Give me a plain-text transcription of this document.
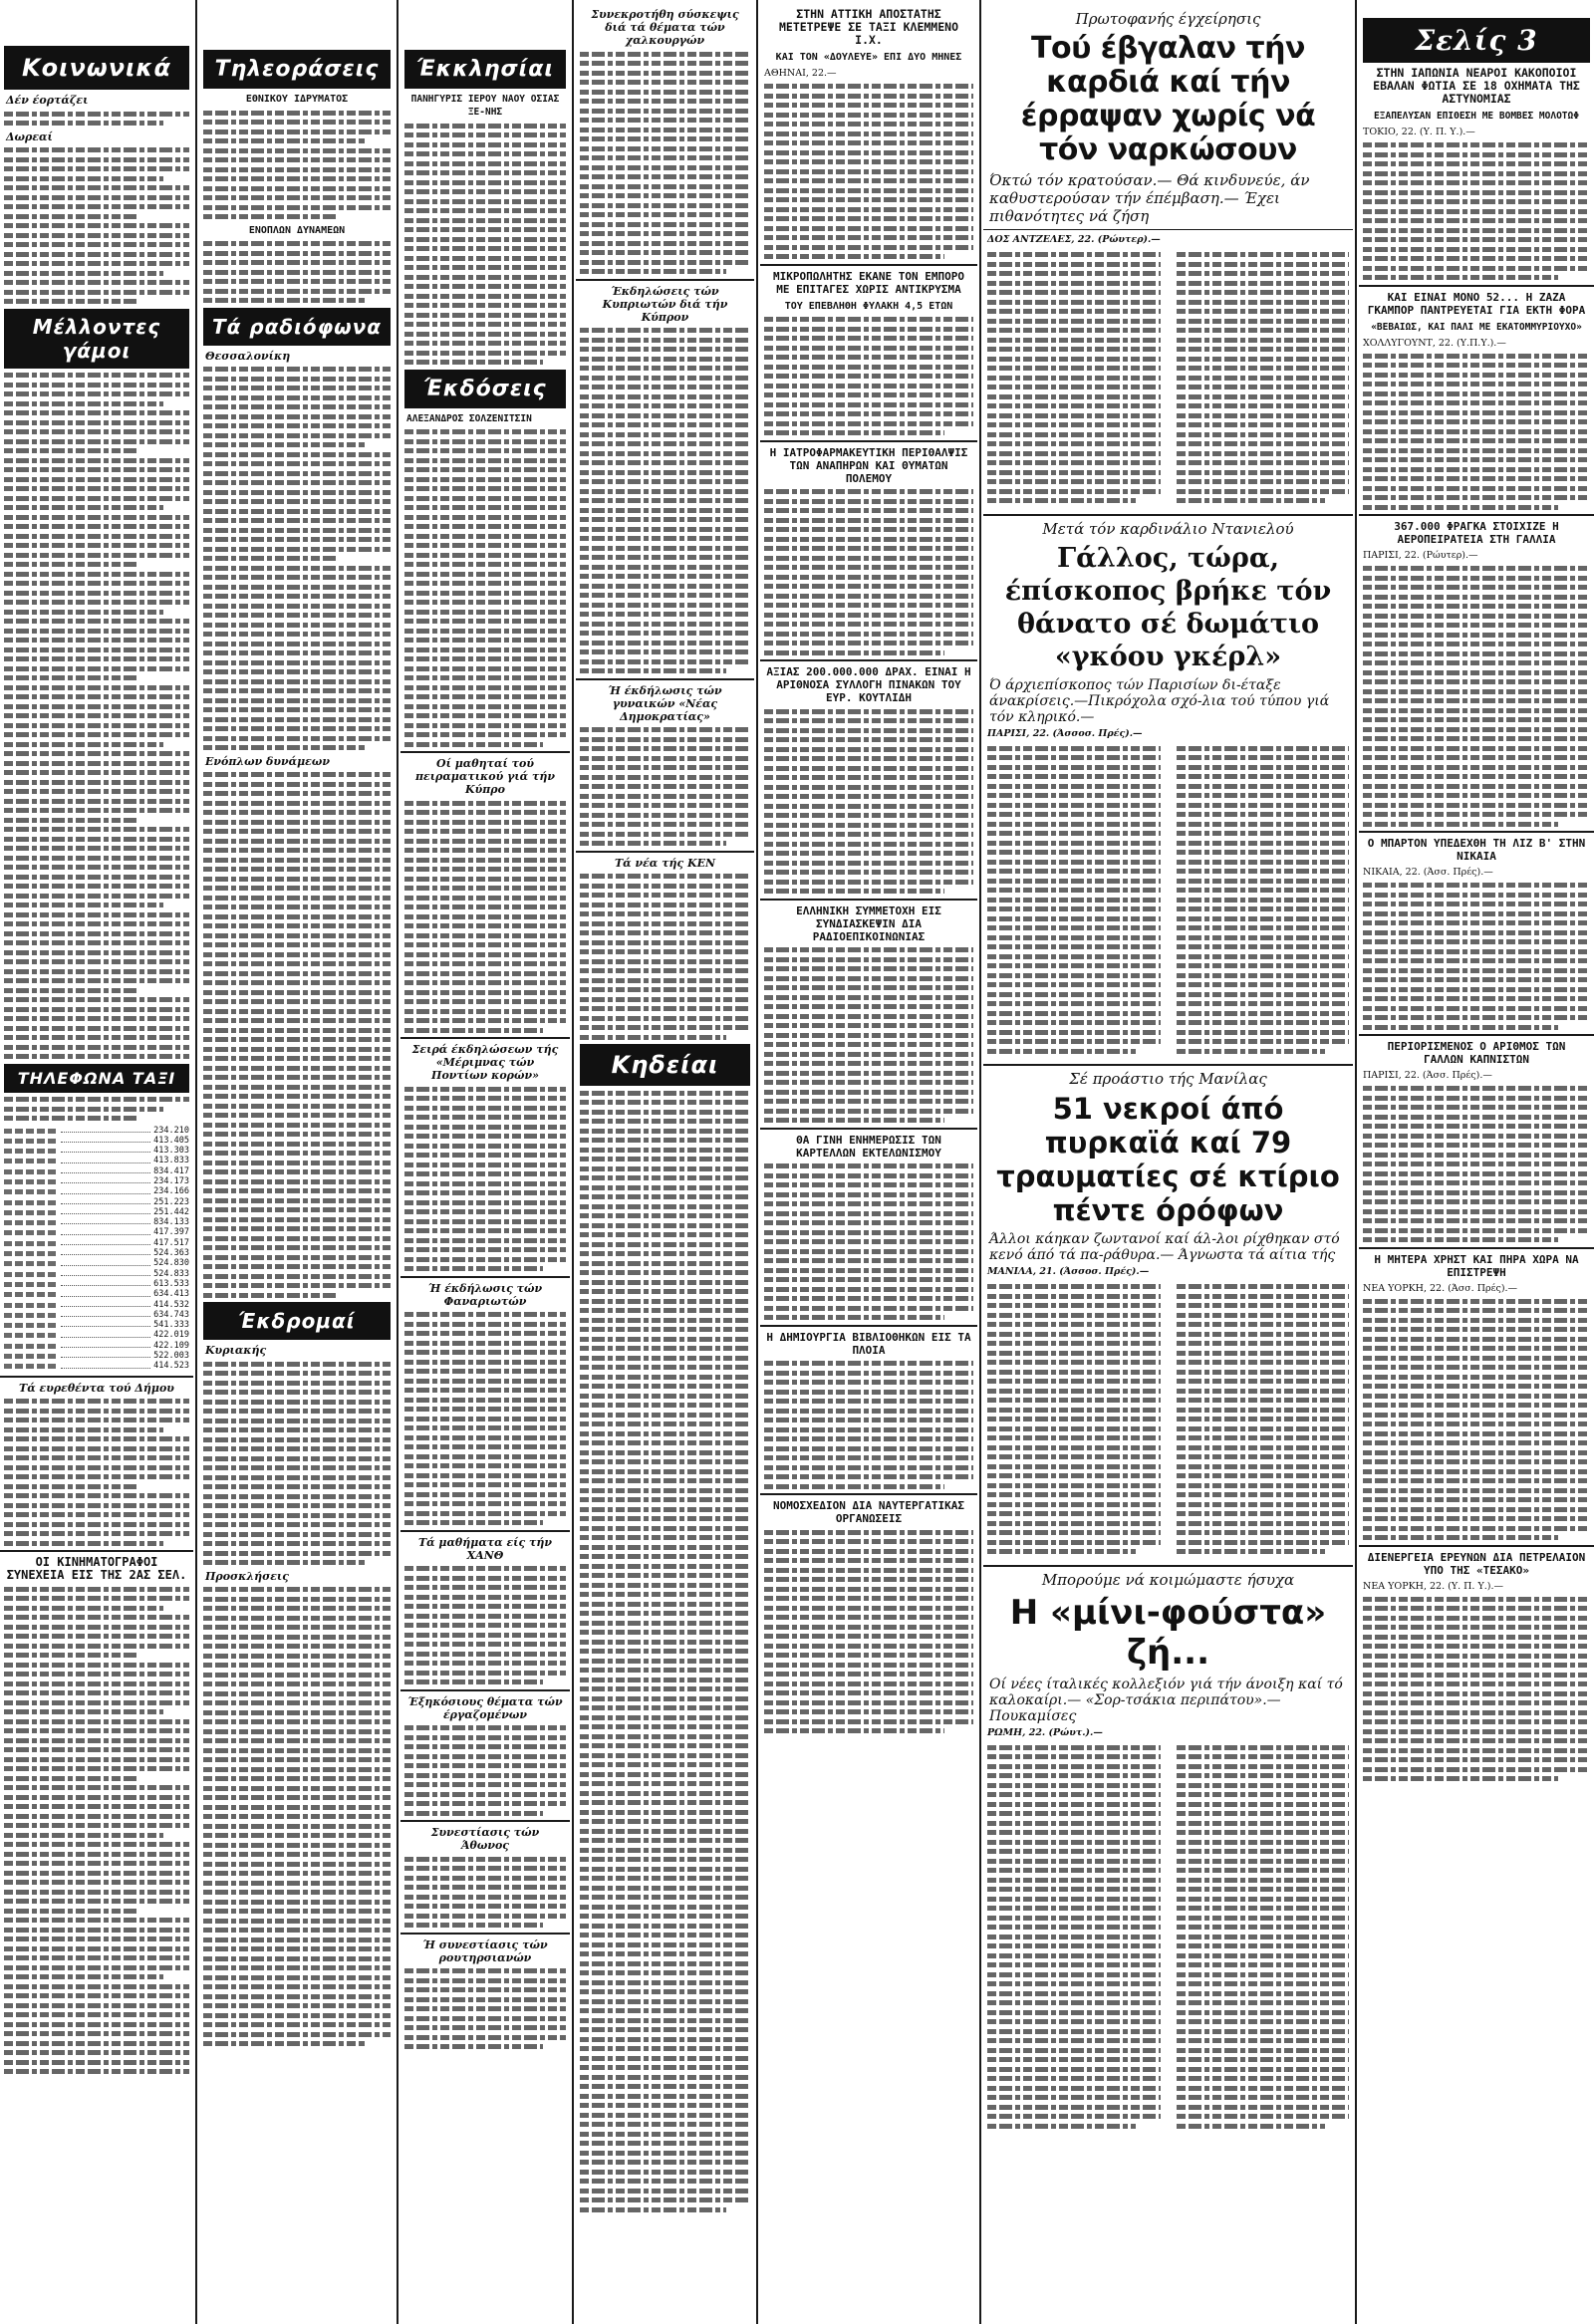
Κοινωνικά
Δέν έορτάζει
Δωρεαί
Μέλλοντες γάμοι
ΤΗΛΕΦΩΝΑ ΤΑΞΙ
234.210
413.405
413.303
413.833
834.417
234.173
234.166
251.223
251.442
834.133
417.397
417.517
524.363
524.830
524.833
613.533
634.413
414.532
634.743
541.333
422.019
422.109
522.003
414.523
Τά ευρεθέντα τού Δήμου
ΟΙ ΚΙΝΗΜΑΤΟΓΡΑΦΟΙ ΣΥΝΕΧΕΙΑ ΕΙΣ ΤΗΣ 2ΑΣ ΣΕΛ.
Τηλεοράσεις
ΕΘΝΙΚΟΥ ΙΔΡΥΜΑΤΟΣ
ΕΝΟΠΛΩΝ ΔΥΝΑΜΕΩΝ
Τά ραδιόφωνα
Θεσσαλονίκη
Ενόπλων δυνάμεων
Έκδρομαί
Κυριακής
Προσκλήσεις
Έκκλησίαι
ΠΑΝΗΓΥΡΙΣ ΙΕΡΟΥ ΝΑΟΥ ΟΣΙΑΣ ΞΕ-ΝΗΣ
Έκδόσεις
ΑΛΕΞΑΝΔΡΟΣ ΣΟΛΖΕΝΙΤΣΙΝ
Οί μαθηταί τού πειραματικού γιά τήν Κύπρο
Σειρά έκδηλώσεων τής «Μέριμνας τών Ποντίων κορών»
Ή έκδήλωσις τών Φαναριωτών
Τά μαθήματα είς τήν ΧΑΝΘ
Έξηκόσιους θέματα τών έργαζομένων
Συνεστίασις τών Άθωνος
Ή συνεστίασις τών ρουτηρσιανών
Συνεκροτήθη σύσκεψις διά τά θέματα τών χαλκουργών
Έκδηλώσεις τών Κυπριωτών διά τήν Κύπρον
Ή έκδήλωσις τών γυναικών «Νέας Δημοκρατίας»
Τά νέα τής ΚΕΝ
Κηδείαι
ΣΤΗΝ ΑΤΤΙΚΗ ΑΠΟΣΤΑΤΗΣ ΜΕΤΕΤΡΕΨΕ ΣΕ ΤΑΞΙ ΚΛΕΜΜΕΝΟ Ι.Χ.
ΚΑΙ ΤΟΝ «ΔΟΥΛΕΥΕ» ΕΠΙ ΔΥΟ ΜΗΝΕΣ
ΑΘΗΝΑΙ, 22.—
ΜΙΚΡΟΠΩΛΗΤΗΣ ΕΚΑΝΕ ΤΟΝ ΕΜΠΟΡΟ ΜΕ ΕΠΙΤΑΓΕΣ ΧΩΡΙΣ ΑΝΤΙΚΡΥΣΜΑ
ΤΟΥ ΕΠΕΒΛΗΘΗ ΦΥΛΑΚΗ 4,5 ΕΤΩΝ
Η ΙΑΤΡΟΦΑΡΜΑΚΕΥΤΙΚΗ ΠΕΡΙΘΑΛΨΙΣ ΤΩΝ ΑΝΑΠΗΡΩΝ ΚΑΙ ΘΥΜΑΤΩΝ ΠΟΛΕΜΟΥ
ΑΞΙΑΣ 200.000.000 ΔΡΑΧ. ΕΙΝΑΙ Η ΑΡΙΘΝΟΣΑ ΣΥΛΛΟΓΗ ΠΙΝΑΚΩΝ ΤΟΥ ΕΥΡ. ΚΟΥΤΛΙΔΗ
ΕΛΛΗΝΙΚΗ ΣΥΜΜΕΤΟΧΗ ΕΙΣ ΣΥΝΔΙΑΣΚΕΨΙΝ ΔΙΑ ΡΑΔΙΟΕΠΙΚΟΙΝΩΝΙΑΣ
ΘΑ ΓΙΝΗ ΕΝΗΜΕΡΩΣΙΣ ΤΩΝ ΚΑΡΤΕΛΛΩΝ ΕΚΤΕΛΩΝΙΣΜΟΥ
Η ΔΗΜΙΟΥΡΓΙΑ ΒΙΒΛΙΟΘΗΚΩΝ ΕΙΣ ΤΑ ΠΛΟΙΑ
ΝΟΜΟΣΧΕΔΙΟΝ ΔΙΑ ΝΑΥΤΕΡΓΑΤΙΚΑΣ ΟΡΓΑΝΩΣΕΙΣ
Πρωτοφανής έγχείρησις
Τού έβγαλαν τήν καρδιά καί τήν έρραψαν χωρίς νά τόν ναρκώσουν
Όκτώ τόν κρατούσαν.— Θά κινδυνεύε, άν καθυστερούσαν τήν έπέμβαση.— Έχει πιθανότητες νά ζήση
ΔΟΣ ΑΝΤΖΕΛΕΣ, 22. (Ρώυτερ).—
Μετά τόν καρδινάλιο Ντανιελού
Γάλλος, τώρα, έπίσκοπος βρήκε τόν θάνατο σέ δωμάτιο «γκόου γκέρλ»
Ό άρχιεπίσκοπος τών Παρισίων δι-έταξε άνακρίσεις.—Πικρόχολα σχό-λια τού τύπου γιά τόν κληρικό.—
ΠΑΡΙΣΙ, 22. (Άσσοσ. Πρές).—
Σέ προάστιο τής Μανίλας
51 νεκροί άπό πυρκαϊά καί 79 τραυματίες σέ κτίριο πέντε όρόφων
Άλλοι κάηκαν ζωντανοί καί άλ-λοι ρίχθηκαν στό κενό άπό τά πα-ράθυρα.— Άγνωστα τά αίτια τής
ΜΑΝΙΛΑ, 21. (Άσσοσ. Πρές).—
Μπορούμε νά κοιμώμαστε ήσυχα
Η «μίνι-φούστα» ζή...
Οί νέες ίταλικές κολλεξιόν γιά τήν άνοιξη καί τό καλοκαίρι.— «Σορ-τσάκια περιπάτου».— Πουκαμίσες
ΡΩΜΗ, 22. (Ρώυτ.).—
Σελίς 3
ΣΤΗΝ ΙΑΠΩΝΙΑ ΝΕΑΡΟΙ ΚΑΚΟΠΟΙΟΙ ΕΒΑΛΑΝ ΦΩΤΙΑ ΣΕ 18 ΟΧΗΜΑΤΑ ΤΗΣ ΑΣΤΥΝΟΜΙΑΣ
ΕΞΑΠΕΛΥΣΑΝ ΕΠΙΘΕΣΗ ΜΕ ΒΟΜΒΕΣ ΜΟΛΟΤΩΦ
ΤΟΚΙΟ, 22. (Υ. Π. Υ.).—
ΚΑΙ ΕΙΝΑΙ ΜΟΝΟ 52... Η ΖΑΖΑ ΓΚΑΜΠΟΡ ΠΑΝΤΡΕΥΕΤΑΙ ΓΙΑ ΕΚΤΗ ΦΟΡΑ
«ΒΕΒΑΙΩΣ, ΚΑΙ ΠΑΛΙ ΜΕ ΕΚΑΤΟΜΜΥΡΙΟΥΧΟ»
ΧΟΛΛΥΓΟΥΝΤ, 22. (Υ.Π.Υ.).—
367.000 ΦΡΑΓΚΑ ΣΤΟΙΧΙΖΕ Η ΑΕΡΟΠΕΙΡΑΤΕΙΑ ΣΤΗ ΓΑΛΛΙΑ
ΠΑΡΙΣΙ, 22. (Ρώυτερ).—
Ο ΜΠΑΡΤΟΝ ΥΠΕΔΕΧΘΗ ΤΗ ΛΙΖ Β' ΣΤΗΝ ΝΙΚΑΙΑ
ΝΙΚΑΙΑ, 22. (Άσσ. Πρές).—
ΠΕΡΙΟΡΙΣΜΕΝΟΣ Ο ΑΡΙΘΜΟΣ ΤΩΝ ΓΑΛΛΩΝ ΚΑΠΝΙΣΤΩΝ
ΠΑΡΙΣΙ, 22. (Άσσ. Πρές).—
Η ΜΗΤΕΡΑ ΧΡΗΣΤ ΚΑΙ ΠΗΡΑ ΧΩΡΑ ΝΑ ΕΠΙΣΤΡΕΨΗ
ΝΕΑ ΥΟΡΚΗ, 22. (Άσσ. Πρές).—
ΔΙΕΝΕΡΓΕΙΑ ΕΡΕΥΝΩΝ ΔΙΑ ΠΕΤΡΕΛΑΙΟΝ ΥΠΟ ΤΗΣ «ΤΕΣΑΚΟ»
ΝΕΑ ΥΟΡΚΗ, 22. (Υ. Π. Υ.).—
